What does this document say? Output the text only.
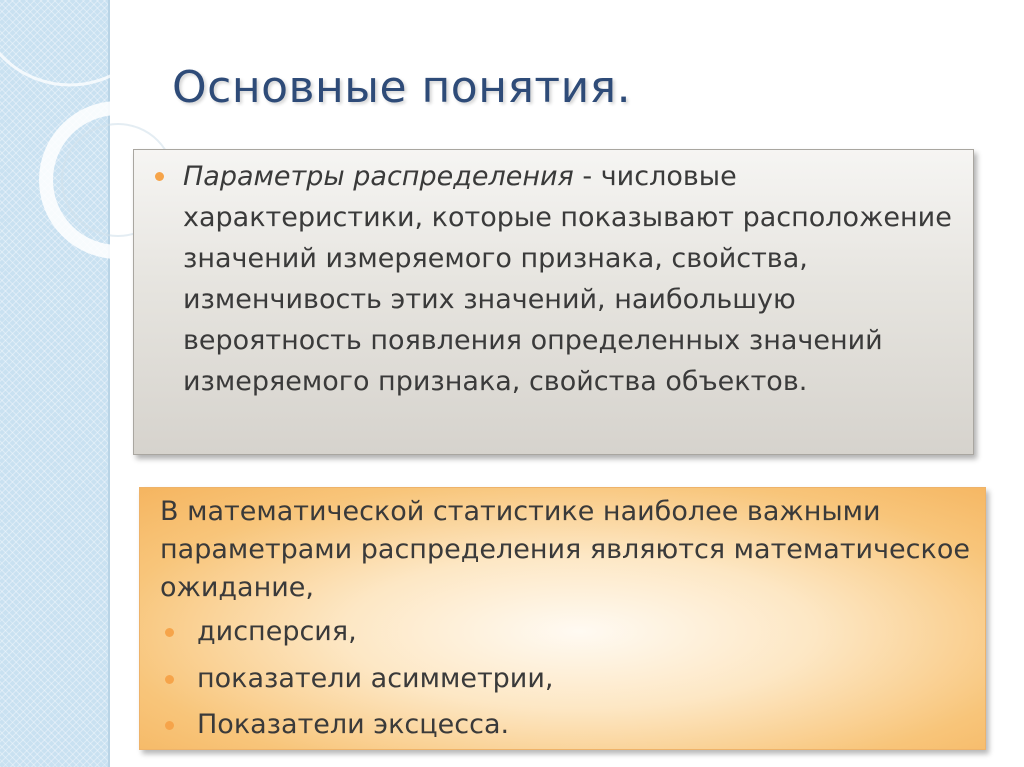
Основные понятия.

Параметры распределения - числовые характеристики, которые показывают расположение значений измеряемого признака, свойства, изменчивость этих значений, наибольшую вероятность появления определенных значений измеряемого признака, свойства объектов.

В математической статистике наиболее важными параметрами распределения являются математическое ожидание,

дисперсия,
показатели асимметрии,
Показатели эксцесса.
